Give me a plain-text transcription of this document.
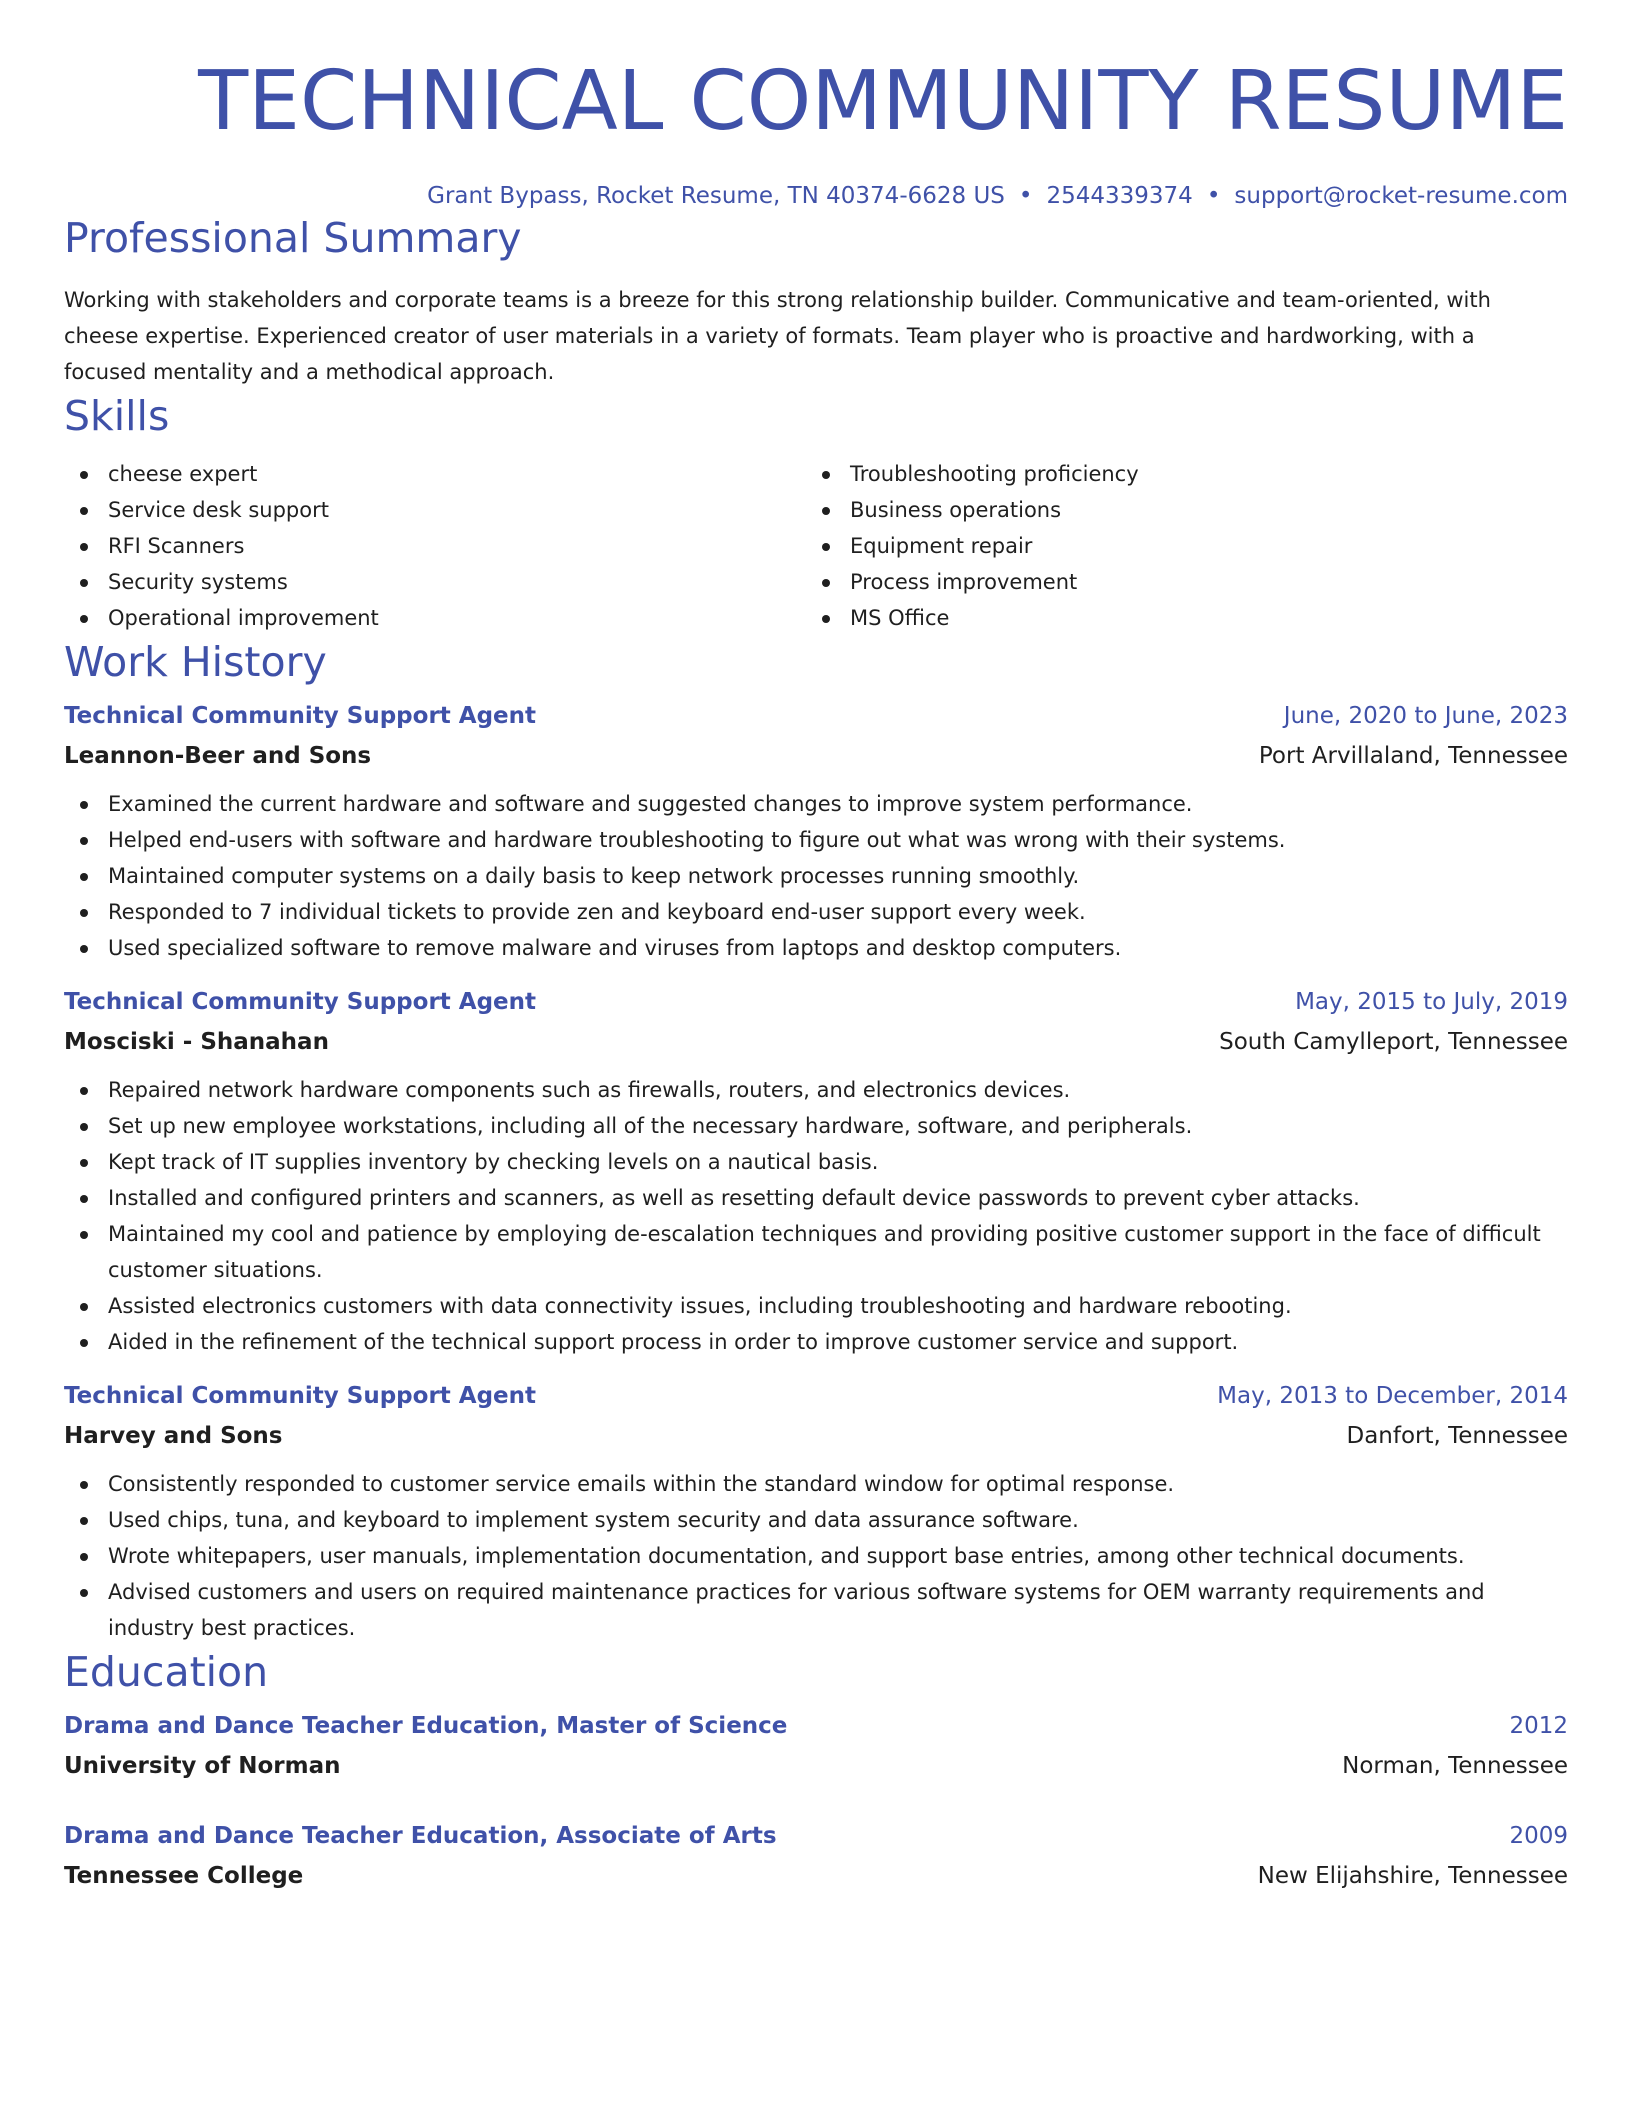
TECHNICAL COMMUNITY RESUME
Grant Bypass, Rocket Resume, TN 40374-6628 US • 2544339374 • support@rocket-resume.com
Professional Summary
Working with stakeholders and corporate teams is a breeze for this strong relationship builder. Communicative and team-oriented, with cheese expertise. Experienced creator of user materials in a variety of formats. Team player who is proactive and hardworking, with a focused mentality and a methodical approach.
Skills
cheese expert
Service desk support
RFI Scanners
Security systems
Operational improvement
Troubleshooting proficiency
Business operations
Equipment repair
Process improvement
MS Office
Work History
Technical Community Support Agent	June, 2020 to June, 2023
Leannon-Beer and Sons	Port Arvillaland, Tennessee
Examined the current hardware and software and suggested changes to improve system performance.
Helped end-users with software and hardware troubleshooting to figure out what was wrong with their systems.
Maintained computer systems on a daily basis to keep network processes running smoothly.
Responded to 7 individual tickets to provide zen and keyboard end-user support every week.
Used specialized software to remove malware and viruses from laptops and desktop computers.
Technical Community Support Agent	May, 2015 to July, 2019
Mosciski - Shanahan	South Camylleport, Tennessee
Repaired network hardware components such as firewalls, routers, and electronics devices.
Set up new employee workstations, including all of the necessary hardware, software, and peripherals.
Kept track of IT supplies inventory by checking levels on a nautical basis.
Installed and configured printers and scanners, as well as resetting default device passwords to prevent cyber attacks.
Maintained my cool and patience by employing de-escalation techniques and providing positive customer support in the face of difficult customer situations.
Assisted electronics customers with data connectivity issues, including troubleshooting and hardware rebooting.
Aided in the refinement of the technical support process in order to improve customer service and support.
Technical Community Support Agent	May, 2013 to December, 2014
Harvey and Sons	Danfort, Tennessee
Consistently responded to customer service emails within the standard window for optimal response.
Used chips, tuna, and keyboard to implement system security and data assurance software.
Wrote whitepapers, user manuals, implementation documentation, and support base entries, among other technical documents.
Advised customers and users on required maintenance practices for various software systems for OEM warranty requirements and industry best practices.
Education
Drama and Dance Teacher Education, Master of Science	2012
University of Norman	Norman, Tennessee
Drama and Dance Teacher Education, Associate of Arts	2009
Tennessee College	New Elijahshire, Tennessee
